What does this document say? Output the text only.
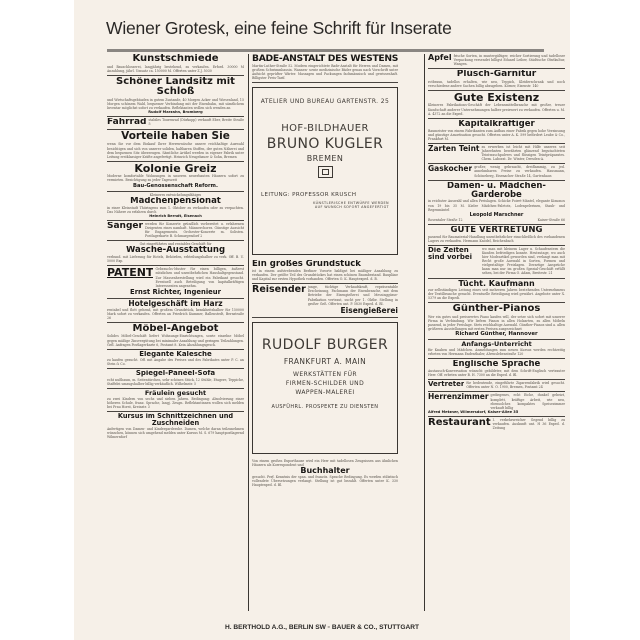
Wiener Grotesk, eine feine Schrift für Inserate
Kunstschmiede
und Bauschlosserei, langjährig bestehend, zu verkaufen. Erford. 30000 M Anzahlung, jährl. Umsatz ca. 150000 M. Offerten unter Z.J. 5030
Schöner Landsitz mit Schloß
und Wirtschaftsgebäuden in gutem Zustande, 40 Morgen Acker und Wiesenland, 15 Morgen schönem Wald, bequemer Verbindung mit der Eisenbahn, mit sämtlichem Inventar möglichst sofort zu verkaufen. Reflektanten wollen sich wenden an
Rudolf Marzahn, Bromberg
Fahrrad stabiles Tourenrad (Dürkopp) verkauft Eber, Breite Straße 5
Vorteile haben Sie
wenn Sie vor dem Einkauf Ihrer Herrenwäsche unsere reichhaltige Auswahl besichtigen und sich von unserer soliden, haltbaren Stoffen, der guten Näherei und dem bequemen Sitz überzeugen. Sämtliche Artikel werden in eigener Fabrik unter Leitung erstklassiger Kräfte angefertigt. Heinrich Neugebauer & Sohn, Bremen
Kolonie Greiz
Moderne komfortable Wohnungen in unseren neuerbauten Häusern sofort zu vermieten. Besichtigung zu jeder Tageszeit
Bau-Genossenschaft Reform.
Kleineres entwickelungsfähiges
Mädchenpensionat
in einer Kleinstadt Thüringens zum 1. Oktober zu verkaufen oder zu verpachten. Das Nähere zu erfahren durch
Heinrich Berndt, Eisenach
Sänger werden für Konzerte gründlich vorbereitet u. erfahrenen Dirigenten eines namhaft. Männerchores. Günstige Aussicht für Engagements. Orchester-Konzerte m. Solisten. Postlagerkarte B. Schmargendorf 2
Gut eingeführtes und rentables Geschäft für
Wäsche-Ausstattung
verbund. mit Lieferung für Hotels, Behörden, erbteilungshalber zu verk. Off. B. U. 5000 Exp.
PATENT Gebrauchs-Muster für einen billigen, äußerst nützlichen und unentbehrlichen Haushaltgegenstand. Zur Massenherstellung wird ein Fabrikant gesucht. Eventuell auch Beteiligung von kapitalkräftigen Interessenten angenehm.
Ernst Richter, Ingenieur
Hotelgeschäft im Harz
rentabel und flott gehend, mit großem Grundstück, krankheitshalber für 150000 Mark sofort zu verkaufen. Offerten an Friedrich Kummer, Ballenstedt, Bernstraße 26
Möbel-Angebot
Solides Möbel-Geschäft liefert Wohnungs-Einrichtungen, sowie einzelne Möbel gegen mäßige Zinsvergütung bei minimaler Anzahlung und geringen Teilzahlungen. Gefl. Anfragen Postlagerkarte 6, Postamt 8. Kein Abzahlungsgesch.
Elegante Kalesche
zu kaufen gesucht. Off. mit Angabe des Preises und des Fabrikates unter P. C. an Stein & Co.
Spiegel-Paneel-Sofa
echt nußbaum, m. Seitentürchen, sehr schönes Stück, 12 Stühle, Etagere, Teppiche, Staffelei umzugshalber billig verkäuflich. Wilhelmstr. 5
Fräulein gesucht
zu zwei Kindern von sechs und sieben Jahren. Bedingung: Absolvierung einer höheren Schule, franz. Sprache, langj. Zeugn. Reflektantinnen wollen sich melden bei Frau Horst, Kreinstr. 3
Kursus im Schnittzeichnen und Zuschneiden
Anfertigen von Damen- und Kindergarderobe. Damen, welche daran teilzunehmen wünschen, können sich umgehend melden unter Kursus M. S. 679 hauptpostlagernd Wilmersdorf
BADE-ANSTALT DES WESTENS
Martin-Luther-Straße 52. Modern eingerichtete Bade-Anstalt für Herren und Damen, mit großem Schwimmbassin. Wannen- sowie medizinische Bäder genau nach Vorschrift unter Aufsicht geprüfter Wärter. Massagen und Packungen fachmännisch und gewissenhaft. Billigster Preis-Tarif.
ATELIER UND BUREAU GARTENSTR. 25
HOF-BILDHAUER
BRUNO KUGLER
BREMEN
LEITUNG: PROFESSOR KRUSCH
KÜNSTLERISCHE ENTWÜRFE WERDEN
AUF WUNSCH SOFORT ANGEFERTIGT
Ein großes Grundstück
ist in einem aufstrebenden Berliner Vororte baldigst bei mäßiger Anzahlung zu verkaufen. Der größte Teil des Grundstückes hat einen schönen Baumbestand. Baupläne und Kapital zur ersten Hypothek vorhanden. Offerten O. K. Hauptexped. d. B.
Reisender junge, tüchtige Verkaufskraft, repräsentable Erscheinung, Fachmann der Eisenbranche, mit dem Betriebe der Eisengießerei und Messinggüsse-Fabrikation vertraut, sucht per 1. Oktbr. Stellung in großer Geß. Offerten unt. P. 5830 Exped. d. Bl.
Eisengießerei
RUDOLF BURGER
FRANKFURT A. MAIN
WERKSTÄTTEN FÜR
FIRMEN-SCHILDER UND
WAPPEN-MALEREI
AUSFÜHRL. PROSPEKTE ZU DIENSTEN
Von einem großen Exporthause wird ein Herr mit tadellosen Zeugnissen aus ähnlichen Häusern als Korrespondent und
Buchhalter
gesucht. Perf. Kenntnis der span. und französ. Sprache Bedingung. Es werden stilistisch vollendete Übersetzungen verlangt. Stellung ist gut bezahlt. Offerten unter K. 330 Hauptexped. d. Bl.
Äpfel frische Sorten, in mustergültiger, reicher Sortierung und tadelloser Verpackung versendet billigst Eduard Leiber, Städtische Obstkultur, Wangen.
Plüsch-Garnitur
rotbraun, tadellos erhalten, wie neu, Teppich, Kleiderschrank und noch verschiedene andere Sachen billig abzugeben. Körner, Eisenstr. 140
Gute Existenz
Kleineres Fabrikations-Geschäft der Lebensmittelbranche mit großer, treuer Kundschaft anderer Unternehmungen halber preiswert zu verkaufen. Offerten u. M. A. 4372 an die Exped.
Kapitalkräftiger
Baumeister von einem Fabrikanten zum Aufbau einer Fabrik gegen hohe Verzinsung und günstige Amortisation gesucht. Offerten unter A. K. 599 befördert Leube & Co., Frankfurt M.
Zarten Teint zu erwerben ist leicht mit Hilfe unseres seit Jahrzehnten bewährten glänzend begutachteten Teintwaschpulvers und flüssigen Teintpräparates. Chem. Laborat. Dr. Winter, Dresden-A.
Gaskocher großer, wenig gebraucht, dreiflammig, zu jed. annehmbaren Preise zu verkaufen. Hausmann, Schöneberg, Eisenacher Straße 14, Gartenhaus
Damen- u. Mädchen-Garderobe
in reichster Auswahl und allen Preislagen. Schicke Poiret-Mäntel, elegante Kimonos von 19 bis 35 M. Kieler Mädchen-Paletots, Lodenpelerinen, Staub- und Regenmäntel
Leopold Marschner
Rosentaler Straße 12	Kaiser-Straße 66
GUTE VERTRETUNG
passend für Baumaterial-Handlung unentbehrlicher einschließlich des vorhandenen Lagers zu verkaufen. Hermann Knödel, Reichenbach
Die Zeiten sind vorbei
wo man mit kleinem Lager u. Schaufenstern die Kunden befriedigen konnte. Heutzutage, wo auch hier Modeartikel geworden sind, verlangt man mit Recht große Auswahl in Sorten, Formen und vielgestaltige Preislagen. Derartige Ansprüche kann man nur im großen Spezial-Geschäft erfüllt sehen, bei der Firma O. Adam, Breitestr. 21
Tücht. Kaufmann
zur selbständigen Leitung eines seit mehreren Jahren bestehenden Unternehmens der Textilbranche gesucht. Eventuelle Beteiligung wird gewährt. Angebote unter X. 5379 an die Expedi.
Günther-Pianos
Wer ein gutes und preiswertes Piano kaufen will, der setze sich sofort mit unserer Firma in Verbindung. Wir liefern Pianos in allen Holzarten, zu allen Möbeln passend, in jeder Preislage. Stets reichhaltige Auswahl. Günther-Pianos sind a. allen größeren Ausstellungen mit ersten Preisen ausgezeichnet
Richard Günther, Hannover
Anfangs-Unterricht
für Knaben und Mädchen. Anmeldungen zum neuen Kursus werden rechtzeitig erbeten von Hermann Endenthaler, Alvenslebenstraße 120
Englische Sprache
Austausch-Konversation wünscht gebildeter, mit dem Schrift-Englisch vertrauter Herr. Off. erbeten unter B. H. 7300 an die Exped. d. Bl.
Vertreter für bedeutende, eingeführte Zigarrenfabrik wird gesucht. Offerten unter N. O. 1900, Bremen, Postamt 24
Herrenzimmer gediegenes, echt Eiche, dunkel gebeizt, komplett, kräftige Arbeit, wie neu, ebensolches kompaktes Speisezimmer verkauft billig
Alfred Metzner, Wilmersdorf, Kaiser-Allee 35
Restaurant I. verkehrsreicher Gegend billig zu verkaufen. Auskunft unt. H 36 Exped. d. Zeitung
H. BERTHOLD A.G., BERLIN SW ▫ BAUER & CO., STUTTGART
